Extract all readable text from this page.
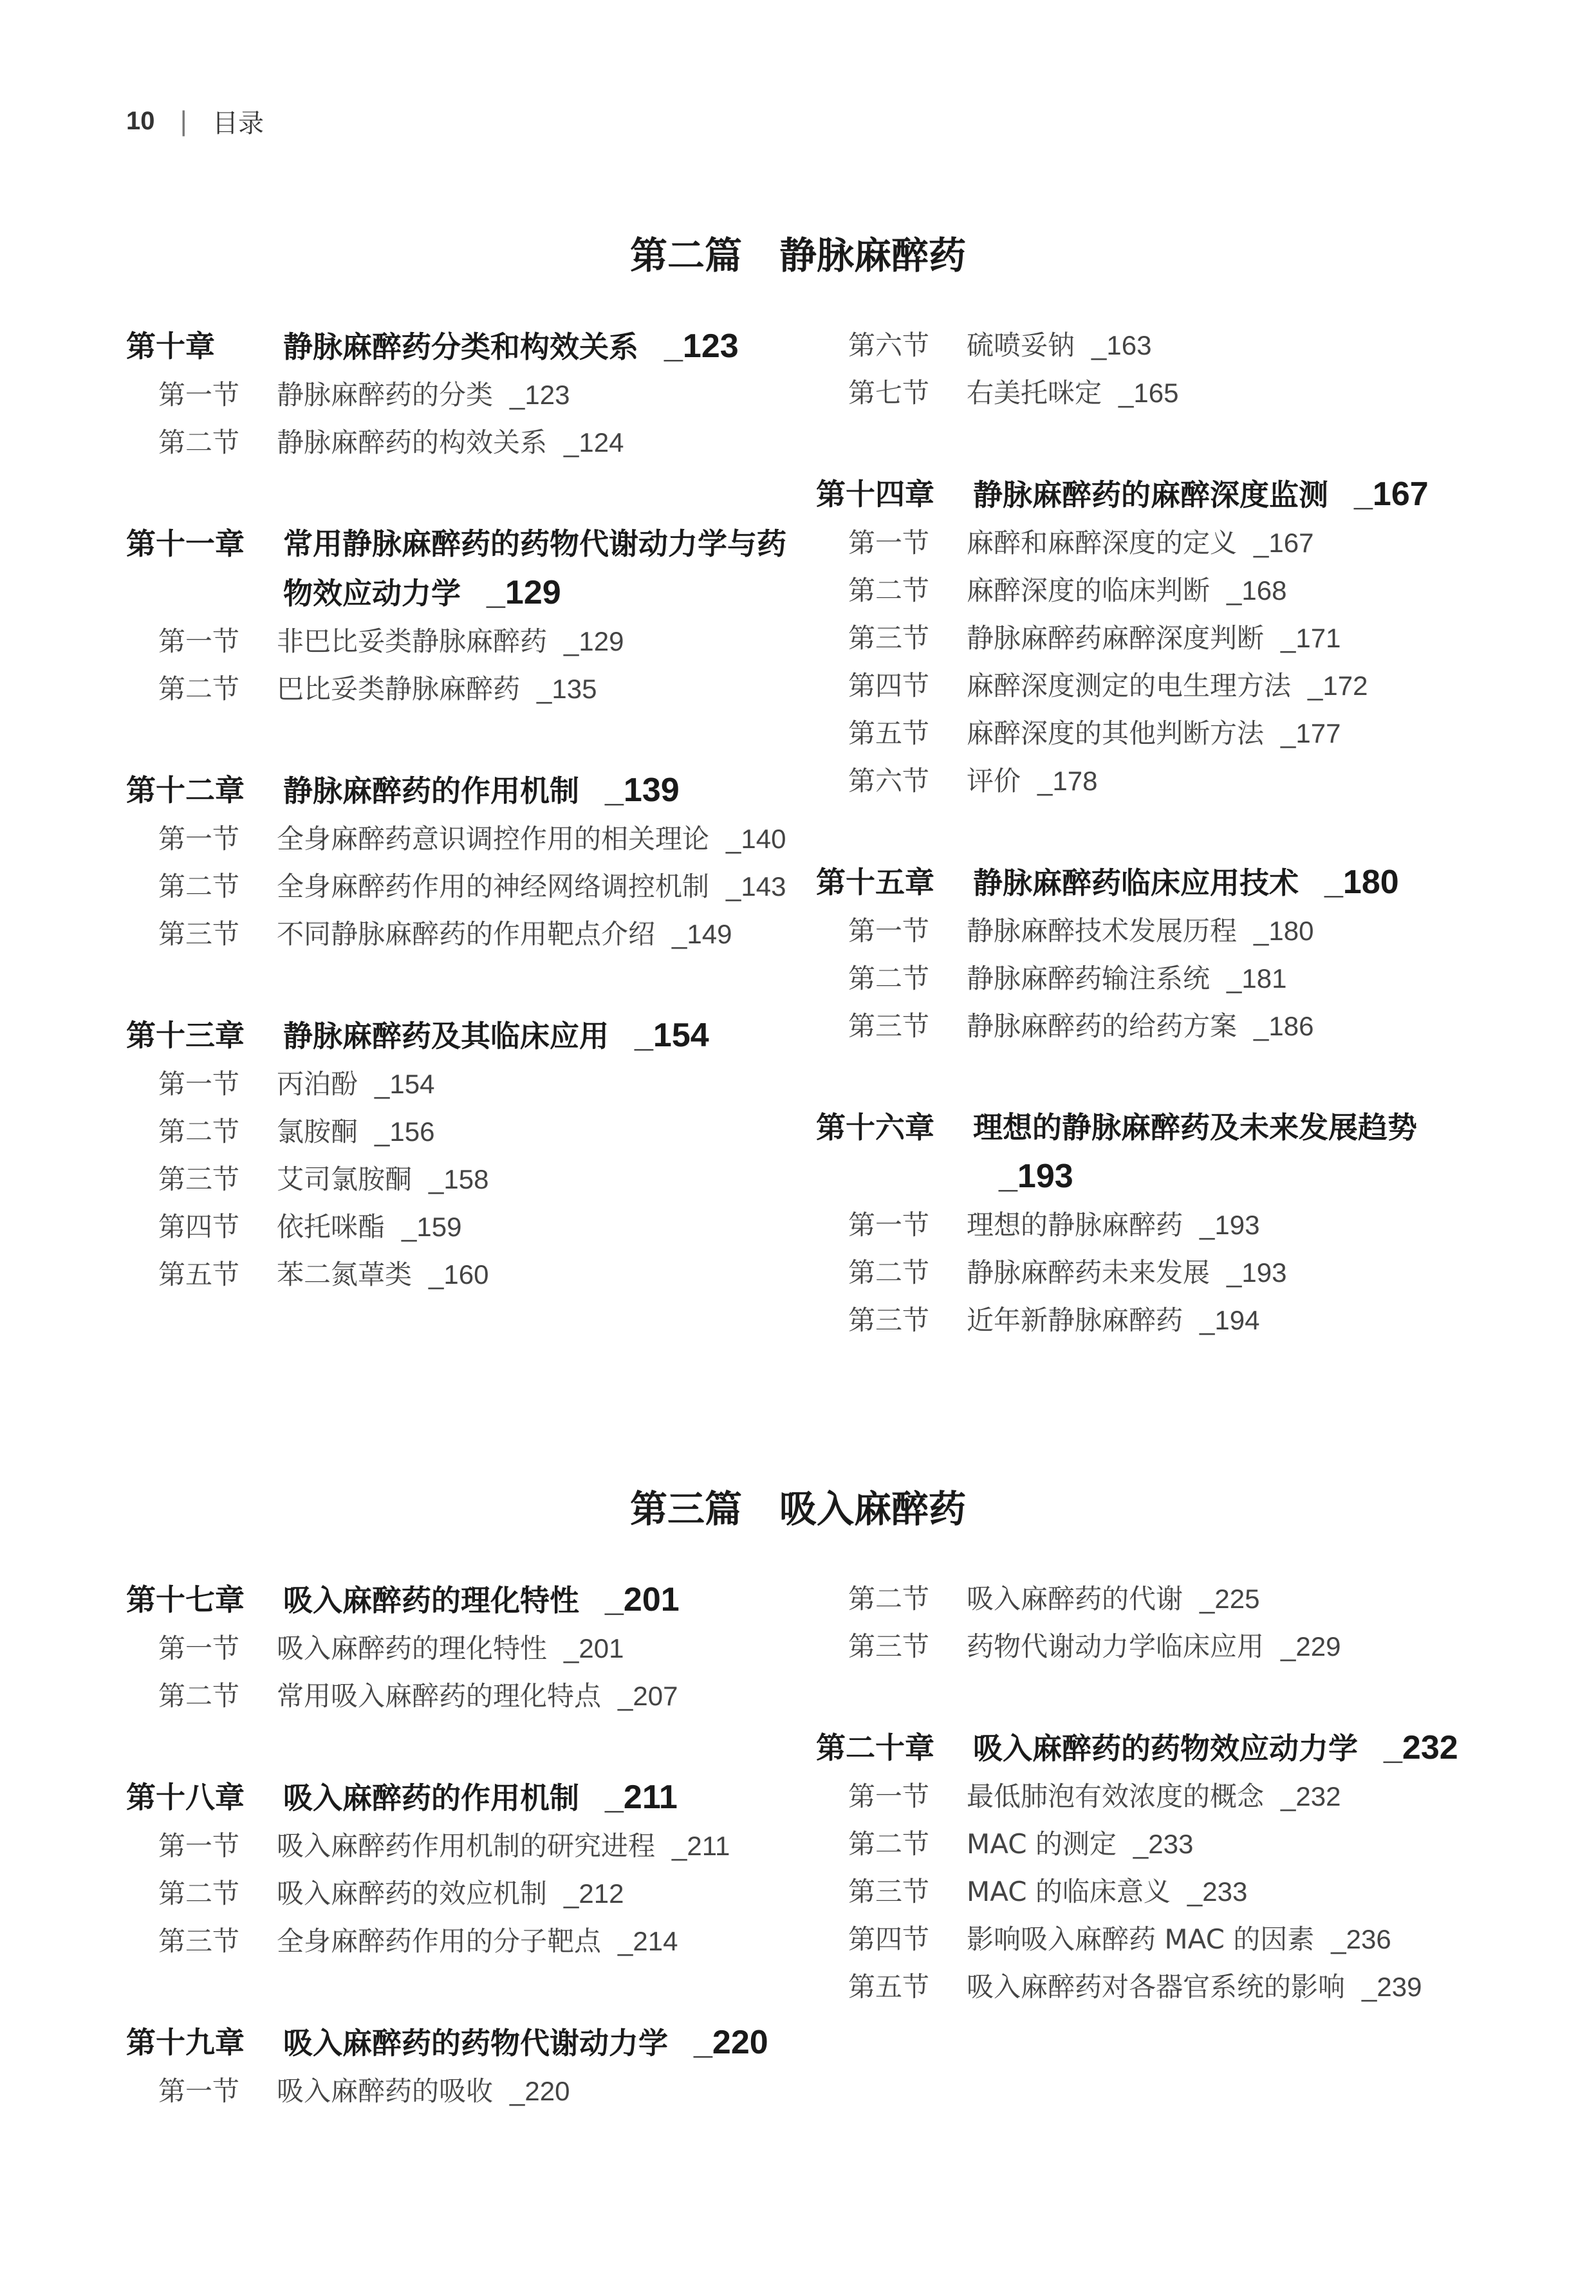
10 | 目录
第二篇　静脉麻醉药
第十章	静脉麻醉药分类和构效关系 _123
第一节	静脉麻醉药的分类 _123
第二节	静脉麻醉药的构效关系 _124
第十一章	常用静脉麻醉药的药物代谢动力学与药物效应动力学 _129
第一节	非巴比妥类静脉麻醉药 _129
第二节	巴比妥类静脉麻醉药 _135
第十二章	静脉麻醉药的作用机制 _139
第一节	全身麻醉药意识调控作用的相关理论 _140
第二节	全身麻醉药作用的神经网络调控机制 _143
第三节	不同静脉麻醉药的作用靶点介绍 _149
第十三章	静脉麻醉药及其临床应用 _154
第一节	丙泊酚 _154
第二节	氯胺酮 _156
第三节	艾司氯胺酮 _158
第四节	依托咪酯 _159
第五节	苯二氮䓬类 _160
第六节	硫喷妥钠 _163
第七节	右美托咪定 _165
第十四章	静脉麻醉药的麻醉深度监测 _167
第一节	麻醉和麻醉深度的定义 _167
第二节	麻醉深度的临床判断 _168
第三节	静脉麻醉药麻醉深度判断 _171
第四节	麻醉深度测定的电生理方法 _172
第五节	麻醉深度的其他判断方法 _177
第六节	评价 _178
第十五章	静脉麻醉药临床应用技术 _180
第一节	静脉麻醉技术发展历程 _180
第二节	静脉麻醉药输注系统 _181
第三节	静脉麻醉药的给药方案 _186
第十六章	理想的静脉麻醉药及未来发展趋势_193
第一节	理想的静脉麻醉药 _193
第二节	静脉麻醉药未来发展 _193
第三节	近年新静脉麻醉药 _194
第三篇　吸入麻醉药
第十七章	吸入麻醉药的理化特性 _201
第一节	吸入麻醉药的理化特性 _201
第二节	常用吸入麻醉药的理化特点 _207
第十八章	吸入麻醉药的作用机制 _211
第一节	吸入麻醉药作用机制的研究进程 _211
第二节	吸入麻醉药的效应机制 _212
第三节	全身麻醉药作用的分子靶点 _214
第十九章	吸入麻醉药的药物代谢动力学 _220
第一节	吸入麻醉药的吸收 _220
第二节	吸入麻醉药的代谢 _225
第三节	药物代谢动力学临床应用 _229
第二十章	吸入麻醉药的药物效应动力学 _232
第一节	最低肺泡有效浓度的概念 _232
第二节	MAC 的测定 _233
第三节	MAC 的临床意义 _233
第四节	影响吸入麻醉药 MAC 的因素 _236
第五节	吸入麻醉药对各器官系统的影响 _239
